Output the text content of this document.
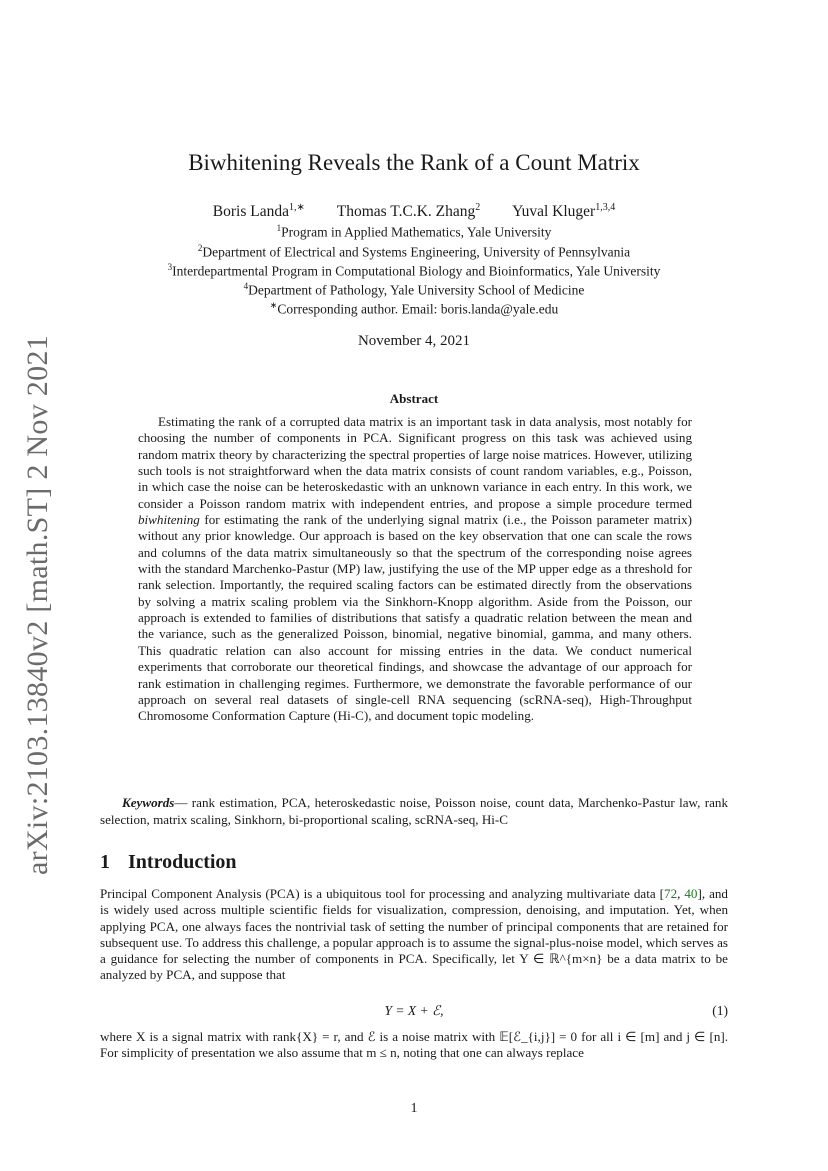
arXiv:2103.13840v2 [math.ST] 2 Nov 2021
Biwhitening Reveals the Rank of a Count Matrix
Boris Landa$^{1,∗}$ Thomas T.C.K. Zhang$^2$ Yuval Kluger$^{1,3,4}$
$^1$Program in Applied Mathematics, Yale University
$^2$Department of Electrical and Systems Engineering, University of Pennsylvania
$^3$Interdepartmental Program in Computational Biology and Bioinformatics, Yale University
$^4$Department of Pathology, Yale University School of Medicine
∗Corresponding author. Email: boris.landa@yale.edu
November 4, 2021
Abstract

Estimating the rank of a corrupted data matrix is an important task in data analysis, most notably for choosing the number of components in PCA. Significant progress on this task was achieved using random matrix theory by characterizing the spectral properties of large noise matrices. However, utilizing such tools is not straightforward when the data matrix consists of count random variables, e.g., Poisson, in which case the noise can be heteroskedastic with an unknown variance in each entry. In this work, we consider a Poisson random matrix with independent entries, and propose a simple procedure termed biwhitening for estimating the rank of the underlying signal matrix (i.e., the Poisson parameter matrix) without any prior knowledge. Our approach is based on the key observation that one can scale the rows and columns of the data matrix simultaneously so that the spectrum of the corresponding noise agrees with the standard Marchenko-Pastur (MP) law, justifying the use of the MP upper edge as a threshold for rank selection. Importantly, the required scaling factors can be estimated directly from the observations by solving a matrix scaling problem via the Sinkhorn-Knopp algorithm. Aside from the Poisson, our approach is extended to families of distributions that satisfy a quadratic relation between the mean and the variance, such as the generalized Poisson, binomial, negative binomial, gamma, and many others. This quadratic relation can also account for missing entries in the data. We conduct numerical experiments that corroborate our theoretical findings, and showcase the advantage of our approach for rank estimation in challenging regimes. Furthermore, we demonstrate the favorable performance of our approach on several real datasets of single-cell RNA sequencing (scRNA-seq), High-Throughput Chromosome Conformation Capture (Hi-C), and document topic modeling.

Keywords— rank estimation, PCA, heteroskedastic noise, Poisson noise, count data, Marchenko-Pastur law, rank selection, matrix scaling, Sinkhorn, bi-proportional scaling, scRNA-seq, Hi-C

1 Introduction

Principal Component Analysis (PCA) is a ubiquitous tool for processing and analyzing multivariate data [72, 40], and is widely used across multiple scientific fields for visualization, compression, denoising, and imputation. Yet, when applying PCA, one always faces the nontrivial task of setting the number of principal components that are retained for subsequent use. To address this challenge, a popular approach is to assume the signal-plus-noise model, which serves as a guidance for selecting the number of components in PCA. Specifically, let Y ∈ ℝ^{m×n} be a data matrix to be analyzed by PCA, and suppose that

Y = X + ℰ,	(1)

where X is a signal matrix with rank{X} = r, and ℰ is a noise matrix with 𝔼[ℰ_{i,j}] = 0 for all i ∈ [m] and j ∈ [n]. For simplicity of presentation we also assume that m ≤ n, noting that one can always replace

1
